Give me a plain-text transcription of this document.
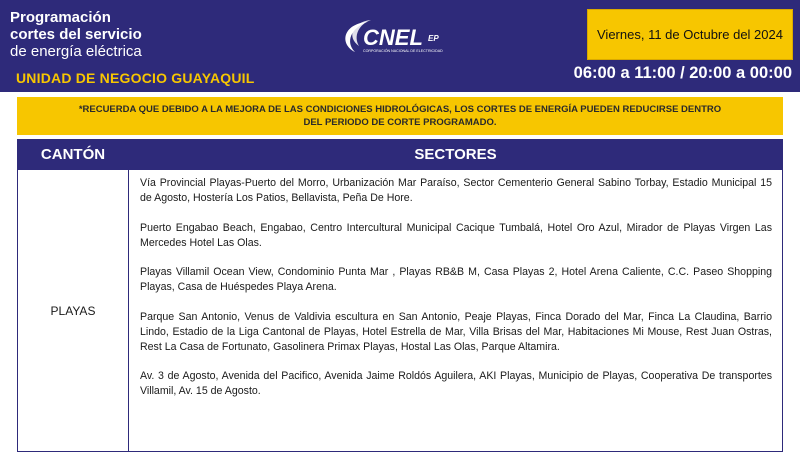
Programación
cortes del servicio
de energía eléctrica
UNIDAD DE NEGOCIO GUAYAQUIL
CNEL EP
CORPORACIÓN NACIONAL DE ELECTRICIDAD
Viernes, 11 de Octubre del 2024
06:00 a 11:00 / 20:00 a 00:00
*RECUERDA QUE DEBIDO A LA MEJORA DE LAS CONDICIONES HIDROLÓGICAS, LOS CORTES DE ENERGÍA PUEDEN REDUCIRSE DENTRO DEL PERIODO DE CORTE PROGRAMADO.
CANTÓN	SECTORES
PLAYAS	Vía Provincial Playas-Puerto del Morro, Urbanización Mar Paraíso, Sector Cementerio General Sabino Torbay, Estadio Municipal 15 de Agosto, Hostería Los Patios, Bellavista, Peña De Hore.

Puerto Engabao Beach, Engabao, Centro Intercultural Municipal Cacique Tumbalá, Hotel Oro Azul, Mirador de Playas Virgen Las Mercedes Hotel Las Olas.

Playas Villamil Ocean View, Condominio Punta Mar , Playas RB&B M, Casa Playas 2, Hotel Arena Caliente, C.C. Paseo Shopping Playas, Casa de Huéspedes Playa Arena.

Parque San Antonio, Venus de Valdivia escultura en San Antonio, Peaje Playas, Finca Dorado del Mar, Finca La Claudina, Barrio Lindo, Estadio de la Liga Cantonal de Playas, Hotel Estrella de Mar, Villa Brisas del Mar, Habitaciones Mi Mouse, Rest Juan Ostras, Rest La Casa de Fortunato, Gasolinera Primax Playas, Hostal Las Olas, Parque Altamira.

Av. 3 de Agosto, Avenida del Pacifico, Avenida Jaime Roldós Aguilera, AKI Playas, Municipio de Playas, Cooperativa De transportes Villamil, Av. 15 de Agosto.
